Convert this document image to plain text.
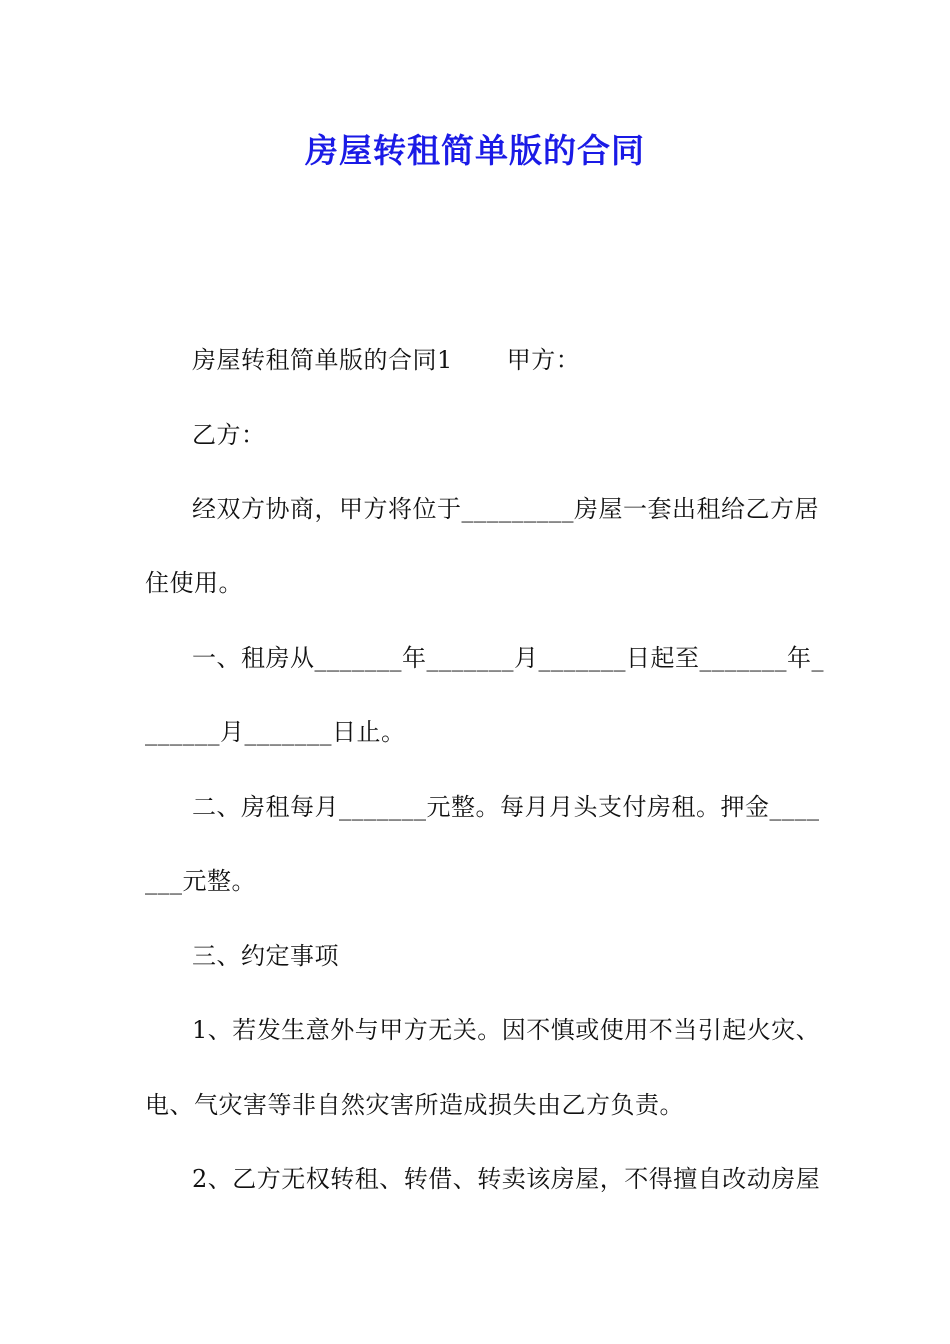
房屋转租简单版的合同
房屋转租简单版的合同1 甲方：
乙方：
经双方协商，甲方将位于_________房屋一套出租给乙方居
住使用。
一、租房从_______年_______月_______日起至_______年_
______月_______日止。
二、房租每月_______元整。每月月头支付房租。押金____
___元整。
三、约定事项
1、若发生意外与甲方无关。因不慎或使用不当引起火灾、
电、气灾害等非自然灾害所造成损失由乙方负责。
2、乙方无权转租、转借、转卖该房屋，不得擅自改动房屋
